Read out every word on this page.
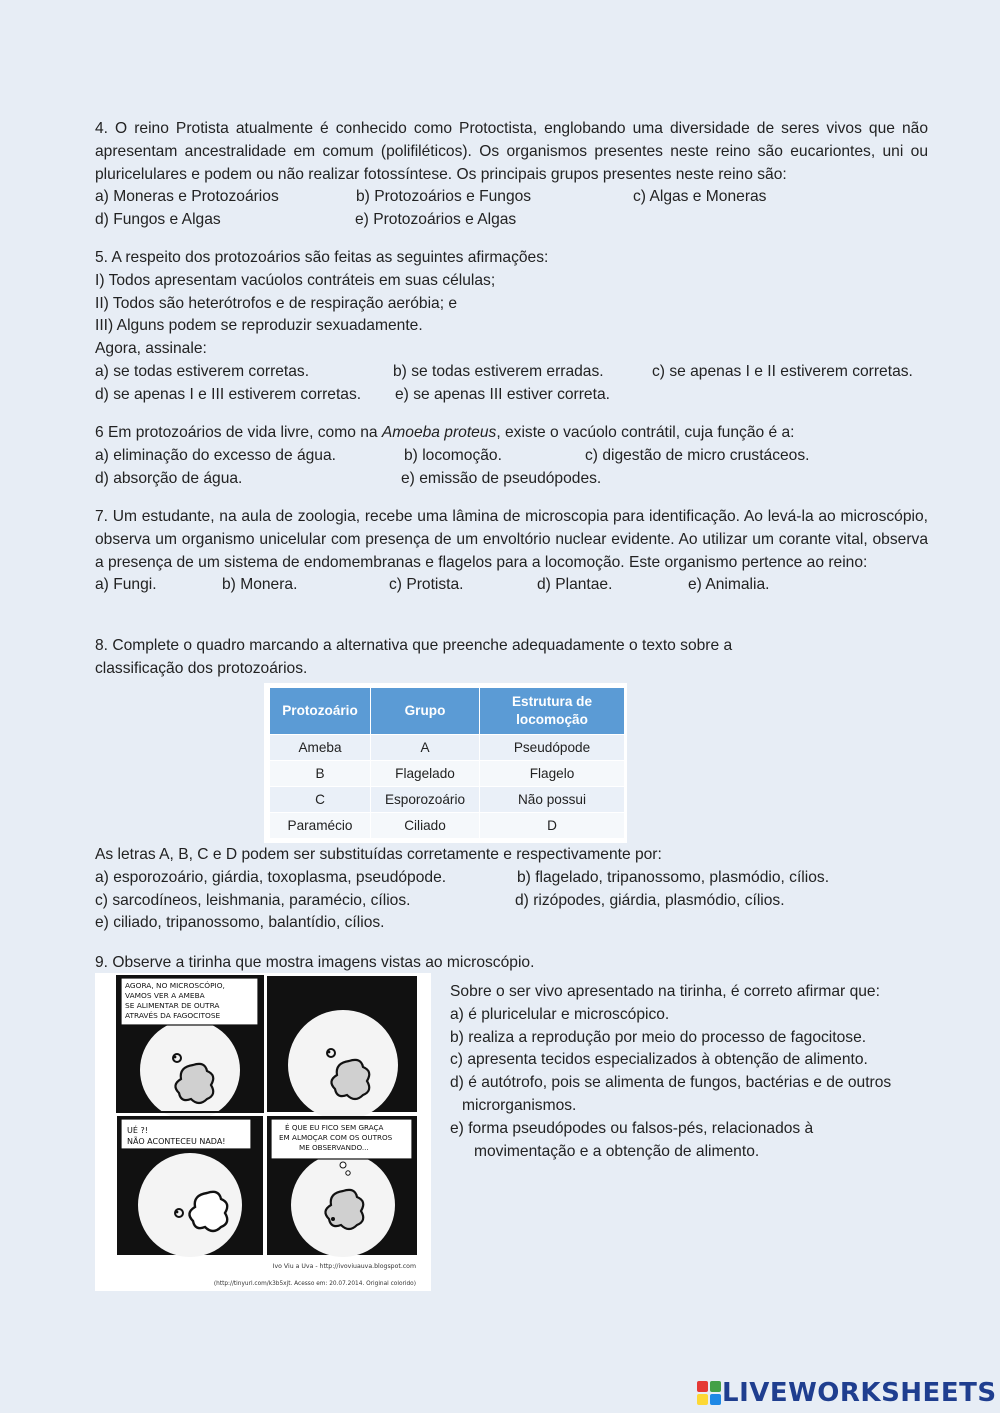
4. O reino Protista atualmente é conhecido como Protoctista, englobando uma diversidade de seres vivos que não apresentam ancestralidade em comum (polifiléticos). Os organismos presentes neste reino são eucariontes, uni ou pluricelulares e podem ou não realizar fotossíntese. Os principais grupos presentes neste reino são:

a) Moneras e Protozoários	b) Protozoários e Fungos	c) Algas e Moneras
d) Fungos e Algas	e) Protozoários e Algas

5. A respeito dos protozoários são feitas as seguintes afirmações:

I) Todos apresentam vacúolos contráteis em suas células;

II) Todos são heterótrofos e de respiração aeróbia; e

III) Alguns podem se reproduzir sexuadamente.

Agora, assinale:

a) se todas estiverem corretas.	b) se todas estiverem erradas.	c) se apenas I e II estiverem corretas.
d) se apenas I e III estiverem corretas. e) se apenas III estiver correta.

6 Em protozoários de vida livre, como na Amoeba proteus, existe o vacúolo contrátil, cuja função é a:

a) eliminação do excesso de água.	b) locomoção.	c) digestão de micro crustáceos.
d) absorção de água.	e) emissão de pseudópodes.

7. Um estudante, na aula de zoologia, recebe uma lâmina de microscopia para identificação. Ao levá-la ao microscópio, observa um organismo unicelular com presença de um envoltório nuclear evidente. Ao utilizar um corante vital, observa a presença de um sistema de endomembranas e flagelos para a locomoção. Este organismo pertence ao reino:

a) Fungi.	b) Monera.	c) Protista.	d) Plantae.	e) Animalia.

8. Complete o quadro marcando a alternativa que preenche adequadamente o texto sobre a

classificação dos protozoários.

Protozoário	Grupo	Estrutura de locomoção
Ameba	A	Pseudópode
B	Flagelado	Flagelo
C	Esporozoário	Não possui
Paramécio	Ciliado	D

As letras A, B, C e D podem ser substituídas corretamente e respectivamente por:

a) esporozoário, giárdia, toxoplasma, pseudópode.	b) flagelado, tripanossomo, plasmódio, cílios.
c) sarcodíneos, leishmania, paramécio, cílios.	d) rizópodes, giárdia, plasmódio, cílios.
e) ciliado, tripanossomo, balantídio, cílios.

9. Observe a tirinha que mostra imagens vistas ao microscópio.

AGORA, NO MICROSCÓPIO, VAMOS VER A AMEBA SE ALIMENTAR DE OUTRA ATRAVÉS DA FAGOCITOSE
UÉ ?! NÃO ACONTECEU NADA!
É QUE EU FICO SEM GRAÇA EM ALMOÇAR COM OS OUTROS ME OBSERVANDO...
Ivo Viu a Uva - http://ivoviuauva.blogspot.com
(http://tinyurl.com/k3b5xjt. Acesso em: 20.07.2014. Original colorido)

Sobre o ser vivo apresentado na tirinha, é correto afirmar que:

a) é pluricelular e microscópico.

b) realiza a reprodução por meio do processo de fagocitose.

c) apresenta tecidos especializados à obtenção de alimento.

d) é autótrofo, pois se alimenta de fungos, bactérias e de outros

microrganismos.

e) forma pseudópodes ou falsos-pés, relacionados à

movimentação e a obtenção de alimento.

LIVEWORKSHEETS
